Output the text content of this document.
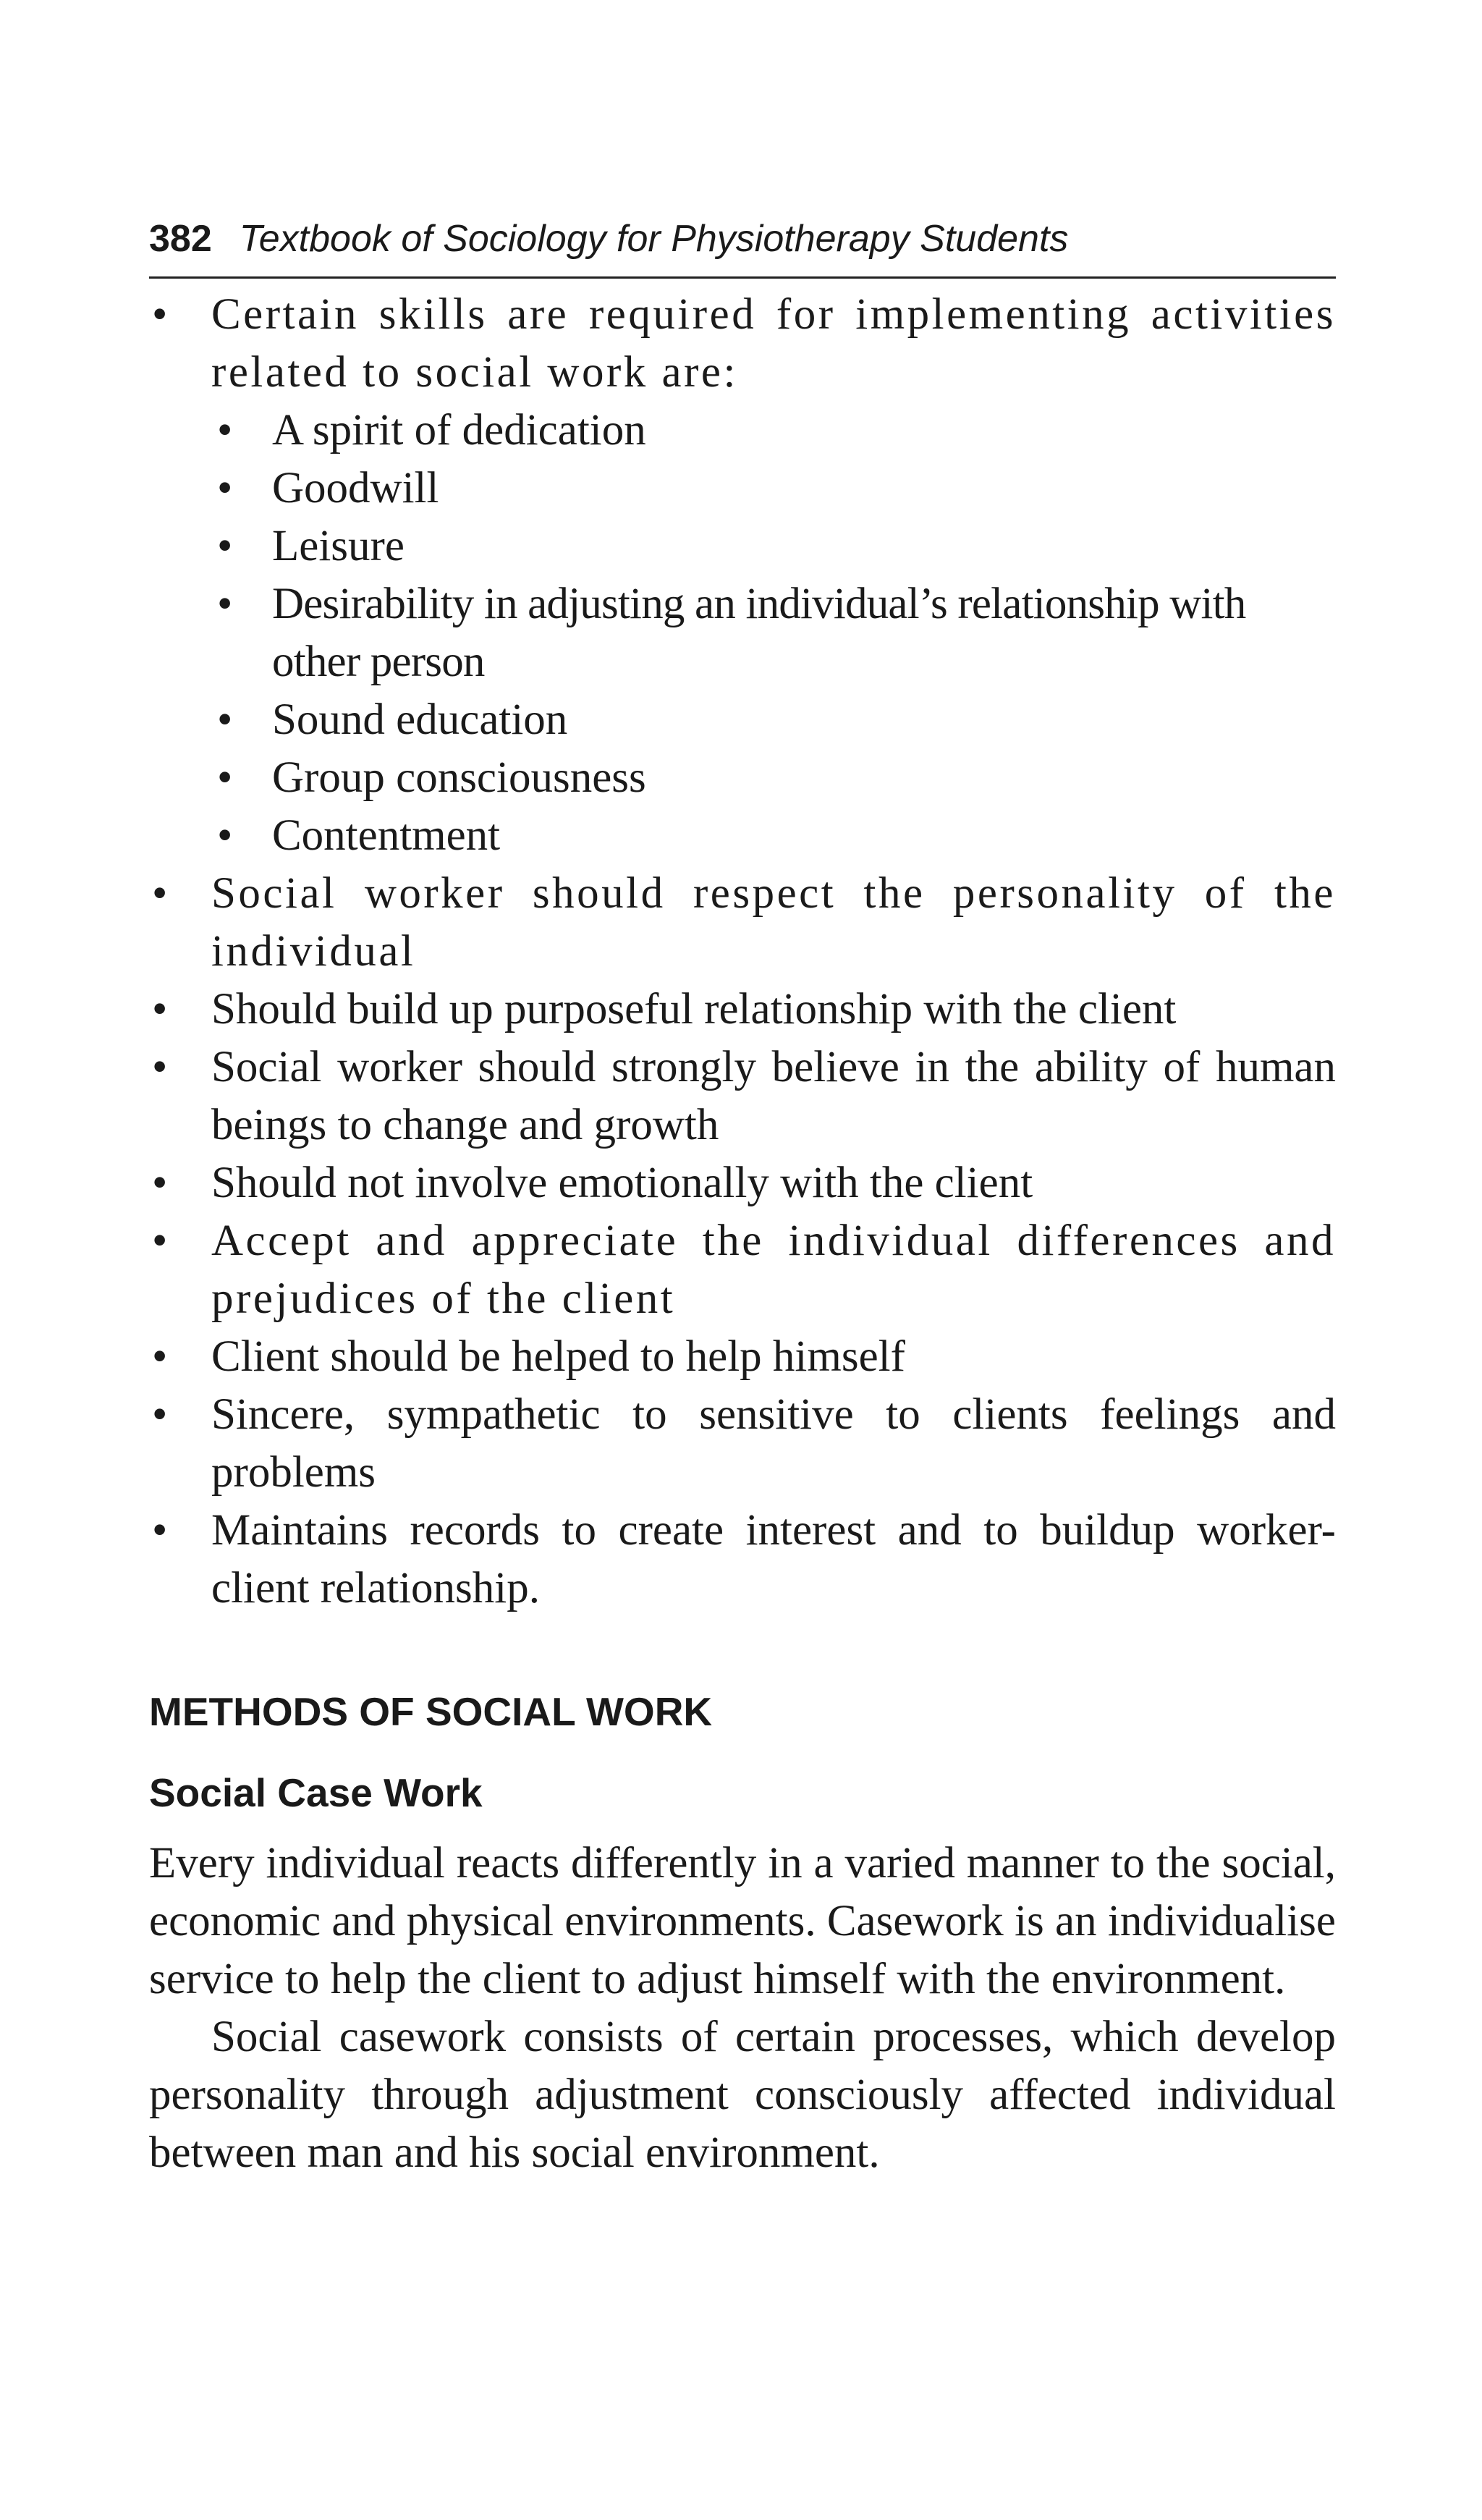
382 Textbook of Sociology for Physiotherapy Students
• Certain skills are required for implementing activities related to social work are:
• A spirit of dedication
• Goodwill
• Leisure
• Desirability in adjusting an individual’s relationship with other person
• Sound education
• Group consciousness
• Contentment
• Social worker should respect the personality of the individual
• Should build up purposeful relationship with the client
• Social worker should strongly believe in the ability of human beings to change and growth
• Should not involve emotionally with the client
• Accept and appreciate the individual differences and prejudices of the client
• Client should be helped to help himself
• Sincere, sympathetic to sensitive to clients feelings and problems
• Maintains records to create interest and to buildup worker-client relationship.
METHODS OF SOCIAL WORK
Social Case Work

Every individual reacts differently in a varied manner to the social, economic and physical environments. Casework is an individualise service to help the client to adjust himself with the environment.

Social casework consists of certain processes, which develop personality through adjustment consciously affected individual between man and his social environment.
